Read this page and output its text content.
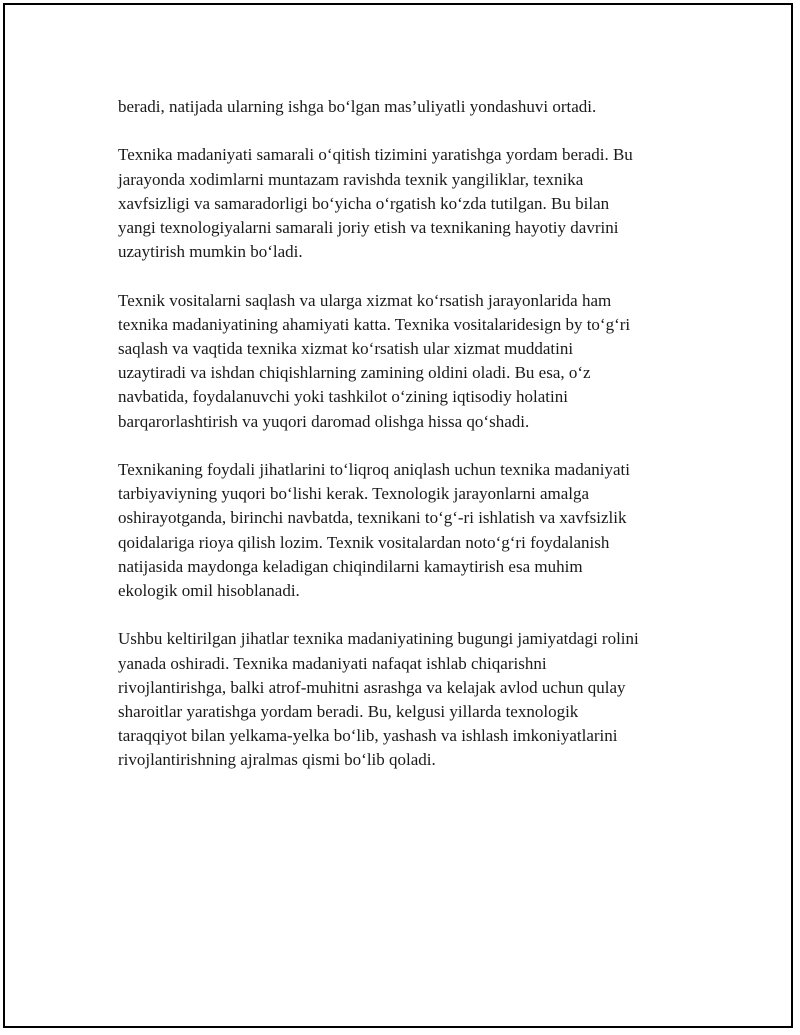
beradi, natijada ularning ishga bo‘lgan mas’uliyatli yondashuvi ortadi.

Texnika madaniyati samarali o‘qitish tizimini yaratishga yordam beradi. Bu
jarayonda xodimlarni muntazam ravishda texnik yangiliklar, texnika
xavfsizligi va samaradorligi bo‘yicha o‘rgatish ko‘zda tutilgan. Bu bilan
yangi texnologiyalarni samarali joriy etish va texnikaning hayotiy davrini
uzaytirish mumkin bo‘ladi.

Texnik vositalarni saqlash va ularga xizmat ko‘rsatish jarayonlarida ham
texnika madaniyatining ahamiyati katta. Texnika vositalaridesign by to‘g‘ri
saqlash va vaqtida texnika xizmat ko‘rsatish ular xizmat muddatini
uzaytiradi va ishdan chiqishlarning zamining oldini oladi. Bu esa, o‘z
navbatida, foydalanuvchi yoki tashkilot o‘zining iqtisodiy holatini
barqarorlashtirish va yuqori daromad olishga hissa qo‘shadi.

Texnikaning foydali jihatlarini to‘liqroq aniqlash uchun texnika madaniyati
tarbiyaviyning yuqori bo‘lishi kerak. Texnologik jarayonlarni amalga
oshirayotganda, birinchi navbatda, texnikani to‘g‘-ri ishlatish va xavfsizlik
qoidalariga rioya qilish lozim. Texnik vositalardan noto‘g‘ri foydalanish
natijasida maydonga keladigan chiqindilarni kamaytirish esa muhim
ekologik omil hisoblanadi.

Ushbu keltirilgan jihatlar texnika madaniyatining bugungi jamiyatdagi rolini
yanada oshiradi. Texnika madaniyati nafaqat ishlab chiqarishni
rivojlantirishga, balki atrof-muhitni asrashga va kelajak avlod uchun qulay
sharoitlar yaratishga yordam beradi. Bu, kelgusi yillarda texnologik
taraqqiyot bilan yelkama-yelka bo‘lib, yashash va ishlash imkoniyatlarini
rivojlantirishning ajralmas qismi bo‘lib qoladi.
